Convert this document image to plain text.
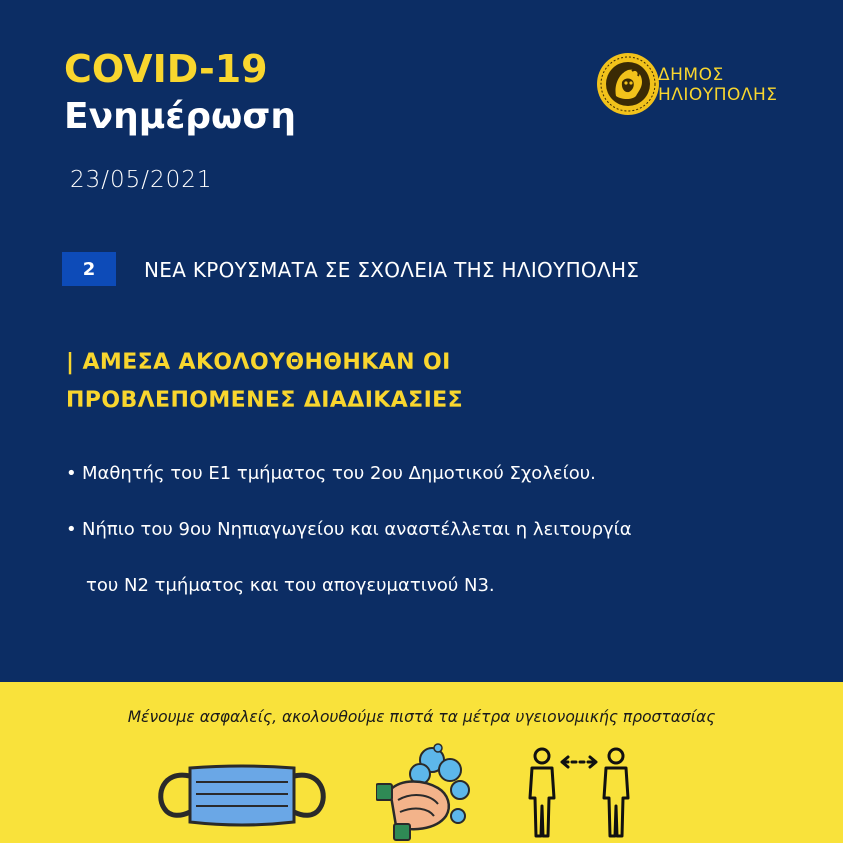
COVID-19
Ενημέρωση
23/05/2021
ΔΗΜΟΣ
ΗΛΙΟΥΠΟΛΗΣ
2	ΝΕΑ ΚΡΟΥΣΜΑΤΑ ΣΕ ΣΧΟΛΕΙΑ ΤΗΣ ΗΛΙΟΥΠΟΛΗΣ
| ΑΜΕΣΑ ΑΚΟΛΟΥΘΗΘΗΚΑΝ ΟΙ
ΠΡΟΒΛΕΠΟΜΕΝΕΣ ΔΙΑΔΙΚΑΣΙΕΣ
• Μαθητής του Ε1 τμήματος του 2ου Δημοτικού Σχολείου.
• Νήπιο του 9ου Νηπιαγωγείου και αναστέλλεται η λειτουργία
του Ν2 τμήματος και του απογευματινού Ν3.
Μένουμε ασφαλείς, ακολουθούμε πιστά τα μέτρα υγειονομικής προστασίας
